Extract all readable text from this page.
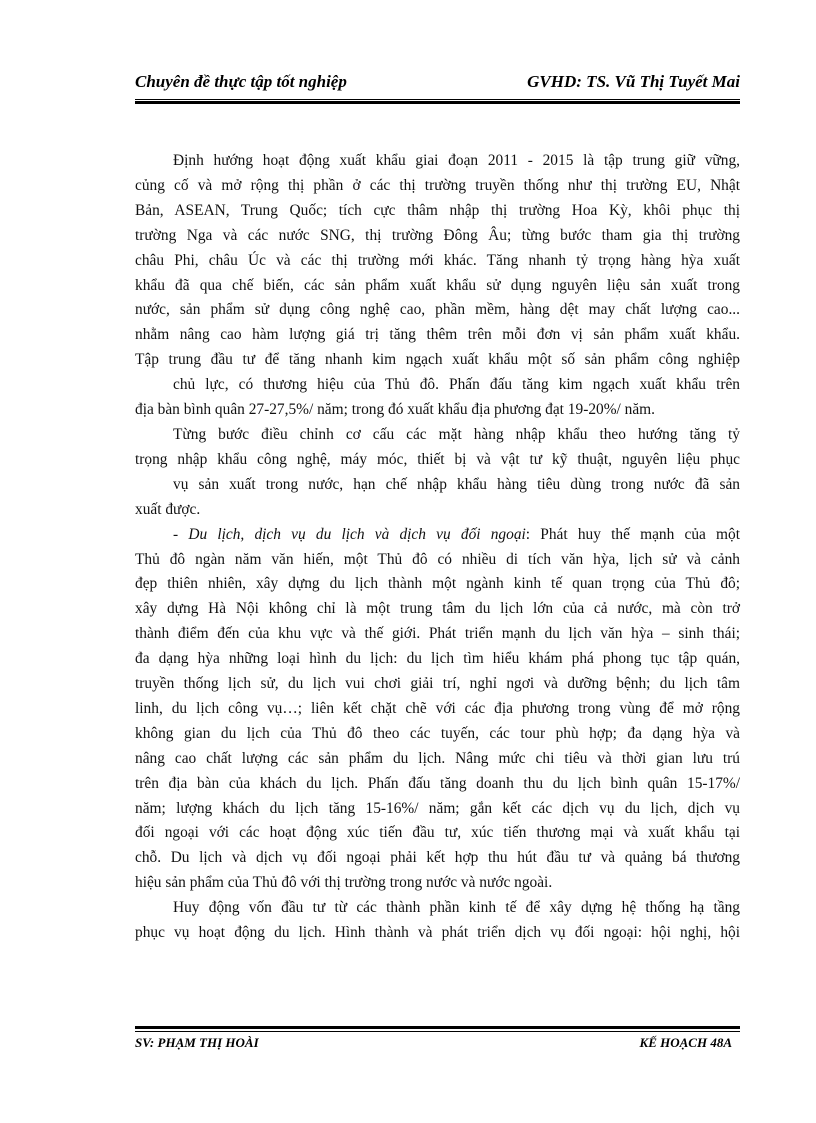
Chuyên đề thực tập tốt nghiệp	GVHD: TS. Vũ Thị Tuyết Mai

Định hướng hoạt động xuất khẩu giai đoạn 2011 - 2015 là tập trung giữ vững,
củng cố và mở rộng thị phần ở các thị trường truyền thống như thị trường EU, Nhật
Bản, ASEAN, Trung Quốc; tích cực thâm nhập thị trường Hoa Kỳ, khôi phục thị
trường Nga và các nước SNG, thị trường Đông Âu; từng bước tham gia thị trường
châu Phi, châu Úc và các thị trường mới khác. Tăng nhanh tỷ trọng hàng hỳa xuất
khẩu đã qua chế biến, các sản phẩm xuất khẩu sử dụng nguyên liệu sản xuất trong
nước, sản phẩm sử dụng công nghệ cao, phần mềm, hàng dệt may chất lượng cao...
nhằm nâng cao hàm lượng giá trị tăng thêm trên mỗi đơn vị sản phẩm xuất khẩu.
Tập trung đầu tư để tăng nhanh kim ngạch xuất khẩu một số sản phẩm công nghiệp
chủ lực, có thương hiệu của Thủ đô. Phấn đấu tăng kim ngạch xuất khẩu trên
địa bàn bình quân 27-27,5%/ năm; trong đó xuất khẩu địa phương đạt 19-20%/ năm.

Từng bước điều chỉnh cơ cấu các mặt hàng nhập khẩu theo hướng tăng tỷ
trọng nhập khẩu công nghệ, máy móc, thiết bị và vật tư kỹ thuật, nguyên liệu phục
vụ sản xuất trong nước, hạn chế nhập khẩu hàng tiêu dùng trong nước đã sản
xuất được.

- Du lịch, dịch vụ du lịch và dịch vụ đối ngoại: Phát huy thế mạnh của một
Thủ đô ngàn năm văn hiến, một Thủ đô có nhiều di tích văn hỳa, lịch sử và cảnh
đẹp thiên nhiên, xây dựng du lịch thành một ngành kinh tế quan trọng của Thủ đô;
xây dựng Hà Nội không chỉ là một trung tâm du lịch lớn của cả nước, mà còn trở
thành điểm đến của khu vực và thế giới. Phát triển mạnh du lịch văn hỳa – sinh thái;
đa dạng hỳa những loại hình du lịch: du lịch tìm hiểu khám phá phong tục tập quán,
truyền thống lịch sử, du lịch vui chơi giải trí, nghỉ ngơi và dưỡng bệnh; du lịch tâm
linh, du lịch công vụ…; liên kết chặt chẽ với các địa phương trong vùng để mở rộng
không gian du lịch của Thủ đô theo các tuyến, các tour phù hợp; đa dạng hỳa và
nâng cao chất lượng các sản phẩm du lịch. Nâng mức chi tiêu và thời gian lưu trú
trên địa bàn của khách du lịch. Phấn đấu tăng doanh thu du lịch bình quân 15-17%/
năm; lượng khách du lịch tăng 15-16%/ năm; gắn kết các dịch vụ du lịch, dịch vụ
đối ngoại với các hoạt động xúc tiến đầu tư, xúc tiến thương mại và xuất khẩu tại
chỗ. Du lịch và dịch vụ đối ngoại phải kết hợp thu hút đầu tư và quảng bá thương
hiệu sản phẩm của Thủ đô với thị trường trong nước và nước ngoài.

Huy động vốn đầu tư từ các thành phần kinh tế để xây dựng hệ thống hạ tầng
phục vụ hoạt động du lịch. Hình thành và phát triển dịch vụ đối ngoại: hội nghị, hội

SV: PHẠM THỊ HOÀI	KẾ HOẠCH 48A
